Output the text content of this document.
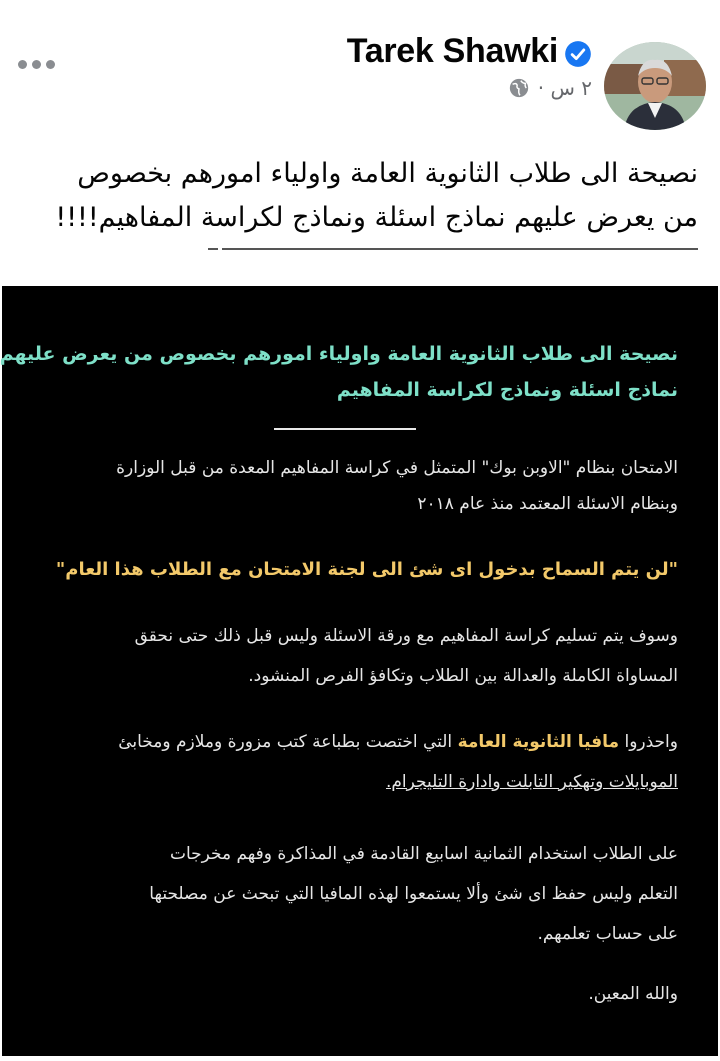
Tarek Shawki
٢ س ·

نصيحة الى طلاب الثانوية العامة واولياء امورهم بخصوص

من يعرض عليهم نماذج اسئلة ونماذج لكراسة المفاهيم!!!!

نصيحة الى طلاب الثانوية العامة واولياء امورهم بخصوص من يعرض عليهم

نماذج اسئلة ونماذج لكراسة المفاهيم

الامتحان بنظام "الاوبن بوك" المتمثل في كراسة المفاهيم المعدة من قبل الوزارة

وبنظام الاسئلة المعتمد منذ عام ٢٠١٨

"لن يتم السماح بدخول اى شئ الى لجنة الامتحان مع الطلاب هذا العام"

وسوف يتم تسليم كراسة المفاهيم مع ورقة الاسئلة وليس قبل ذلك حتى نحقق

المساواة الكاملة والعدالة بين الطلاب وتكافؤ الفرص المنشود.

واحذروا مافيا الثانوية العامة التي اختصت بطباعة كتب مزورة وملازم ومخابئ

الموبايلات وتهكير التابلت وادارة التليجرام.

على الطلاب استخدام الثمانية اسابيع القادمة في المذاكرة وفهم مخرجات

التعلم وليس حفظ اى شئ وألا يستمعوا لهذه المافيا التي تبحث عن مصلحتها

على حساب تعلمهم.

والله المعين.
